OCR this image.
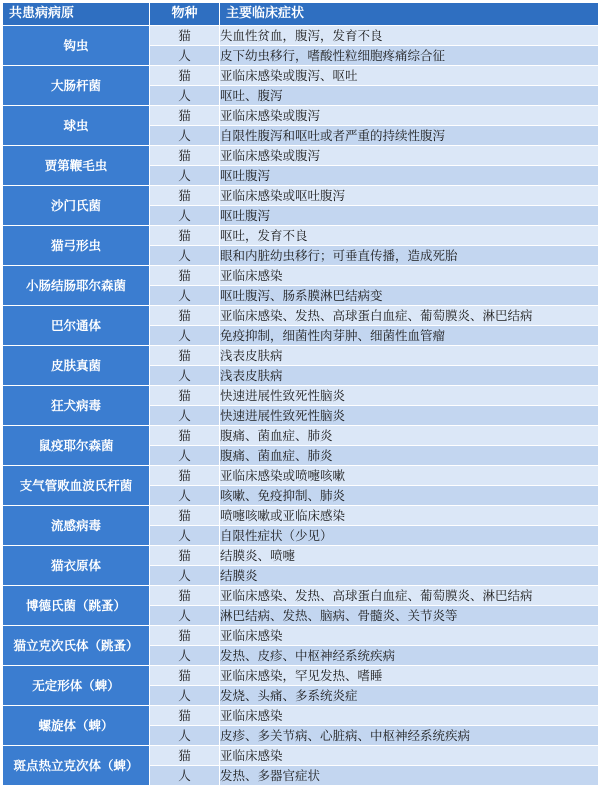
共患病病原	物种	主要临床症状
钩虫	猫	失血性贫血，腹泻，发育不良
	人	皮下幼虫移行，嗜酸性粒细胞疼痛综合征
大肠杆菌	猫	亚临床感染或腹泻、呕吐
	人	呕吐、腹泻
球虫	猫	亚临床感染或腹泻
	人	自限性腹泻和呕吐或者严重的持续性腹泻
贾第鞭毛虫	猫	亚临床感染或腹泻
	人	呕吐腹泻
沙门氏菌	猫	亚临床感染或呕吐腹泻
	人	呕吐腹泻
猫弓形虫	猫	呕吐，发育不良
	人	眼和内脏幼虫移行；可垂直传播，造成死胎
小肠结肠耶尔森菌	猫	亚临床感染
	人	呕吐腹泻、肠系膜淋巴结病变
巴尔通体	猫	亚临床感染、发热、高球蛋白血症、葡萄膜炎、淋巴结病
	人	免疫抑制，细菌性肉芽肿、细菌性血管瘤
皮肤真菌	猫	浅表皮肤病
	人	浅表皮肤病
狂犬病毒	猫	快速进展性致死性脑炎
	人	快速进展性致死性脑炎
鼠疫耶尔森菌	猫	腹痛、菌血症、肺炎
	人	腹痛、菌血症、肺炎
支气管败血波氏杆菌	猫	亚临床感染或喷嚏咳嗽
	人	咳嗽、免疫抑制、肺炎
流感病毒	猫	喷嚏咳嗽或亚临床感染
	人	自限性症状（少见）
猫衣原体	猫	结膜炎、喷嚏
	人	结膜炎
博德氏菌（跳蚤）	猫	亚临床感染、发热、高球蛋白血症、葡萄膜炎、淋巴结病
	人	淋巴结病、发热、脑病、骨髓炎、关节炎等
猫立克次氏体（跳蚤）	猫	亚临床感染
	人	发热、皮疹、中枢神经系统疾病
无定形体（蜱）	猫	亚临床感染，罕见发热、嗜睡
	人	发烧、头痛、多系统炎症
螺旋体（蜱）	猫	亚临床感染
	人	皮疹、多关节病、心脏病、中枢神经系统疾病
斑点热立克次体（蜱）	猫	亚临床感染
	人	发热、多器官症状
